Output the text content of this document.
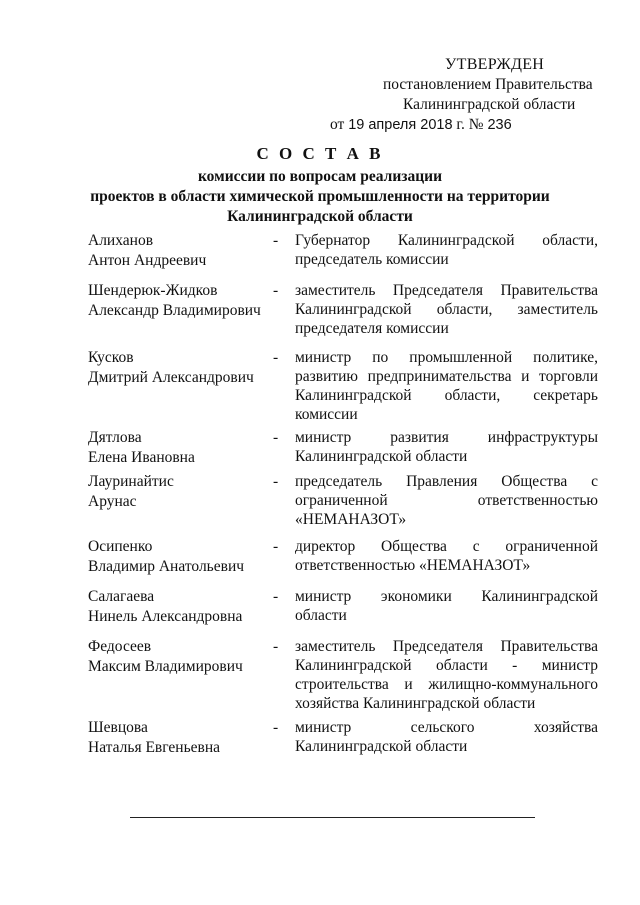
УТВЕРЖДЕН
постановлением Правительства
Калининградской области
от 19 апреля 2018 г. № 236
С О С Т А В
комиссии по вопросам реализации
проектов в области химической промышленности на территории
Калининградской области
Алиханов
Антон Андреевич
- Губернатор Калининградской области, председатель комиссии
Шендерюк-Жидков
Александр Владимирович
- заместитель Председателя Правительства Калининградской области, заместитель председателя комиссии
Кусков
Дмитрий Александрович
- министр по промышленной политике, развитию предпринимательства и торговли Калининградской области, секретарь комиссии
Дятлова
Елена Ивановна
- министр развития инфраструктуры Калининградской области
Лауринайтис
Арунас
- председатель Правления Общества с ограниченной ответственностью «НЕМАНАЗОТ»
Осипенко
Владимир Анатольевич
- директор Общества с ограниченной ответственностью «НЕМАНАЗОТ»
Салагаева
Нинель Александровна
- министр экономики Калининградской области
Федосеев
Максим Владимирович
- заместитель Председателя Правительства Калининградской области - министр строительства и жилищно-коммунального хозяйства Калининградской области
Шевцова
Наталья Евгеньевна
- министр сельского хозяйства Калининградской области
